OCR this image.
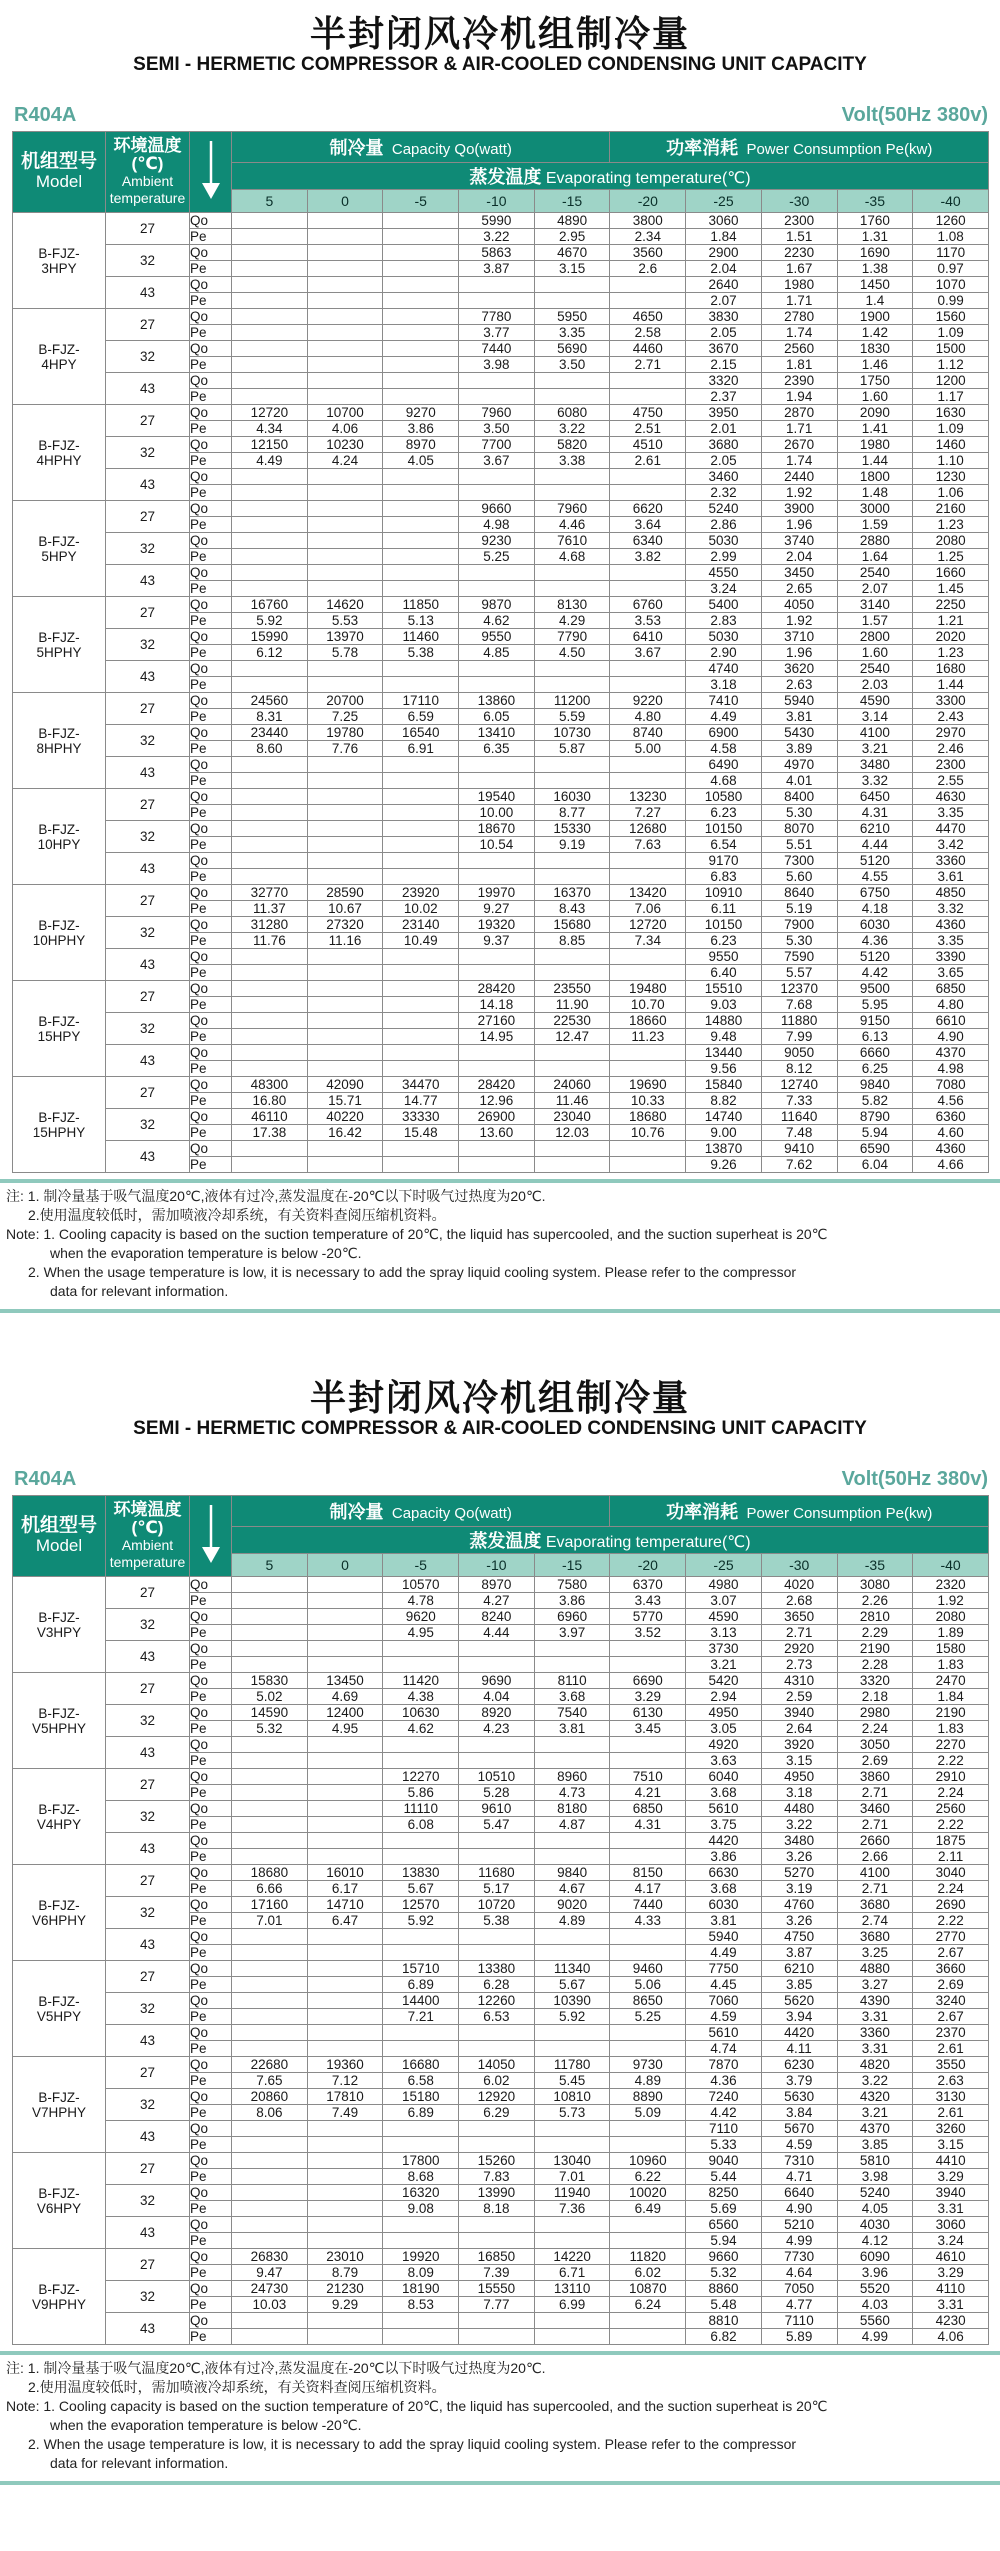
半封闭风冷机组制冷量
SEMI - HERMETIC COMPRESSOR & AIR-COOLED CONDENSING UNIT CAPACITY
R404A	Volt(50Hz 380v)
机组型号
Model	环境温度(℃)
Ambient temperature		制冷量 Capacity Qo(watt)					功率消耗 Power Consumption Pe(kw)				
			蒸发温度 Evaporating temperature(℃)									
			5	0	-5	-10	-15	-20	-25	-30	-35	-40
B-FJZ-
3HPY	27	Qo				5990	4890	3800	3060	2300	1760	1260
		Pe				3.22	2.95	2.34	1.84	1.51	1.31	1.08
	32	Qo				5863	4670	3560	2900	2230	1690	1170
		Pe				3.87	3.15	2.6	2.04	1.67	1.38	0.97
	43	Qo							2640	1980	1450	1070
		Pe							2.07	1.71	1.4	0.99
B-FJZ-
4HPY	27	Qo				7780	5950	4650	3830	2780	1900	1560
		Pe				3.77	3.35	2.58	2.05	1.74	1.42	1.09
	32	Qo				7440	5690	4460	3670	2560	1830	1500
		Pe				3.98	3.50	2.71	2.15	1.81	1.46	1.12
	43	Qo							3320	2390	1750	1200
		Pe							2.37	1.94	1.60	1.17
B-FJZ-
4HPHY	27	Qo	12720	10700	9270	7960	6080	4750	3950	2870	2090	1630
		Pe	4.34	4.06	3.86	3.50	3.22	2.51	2.01	1.71	1.41	1.09
	32	Qo	12150	10230	8970	7700	5820	4510	3680	2670	1980	1460
		Pe	4.49	4.24	4.05	3.67	3.38	2.61	2.05	1.74	1.44	1.10
	43	Qo							3460	2440	1800	1230
		Pe							2.32	1.92	1.48	1.06
B-FJZ-
5HPY	27	Qo				9660	7960	6620	5240	3900	3000	2160
		Pe				4.98	4.46	3.64	2.86	1.96	1.59	1.23
	32	Qo				9230	7610	6340	5030	3740	2880	2080
		Pe				5.25	4.68	3.82	2.99	2.04	1.64	1.25
	43	Qo							4550	3450	2540	1660
		Pe							3.24	2.65	2.07	1.45
B-FJZ-
5HPHY	27	Qo	16760	14620	11850	9870	8130	6760	5400	4050	3140	2250
		Pe	5.92	5.53	5.13	4.62	4.29	3.53	2.83	1.92	1.57	1.21
	32	Qo	15990	13970	11460	9550	7790	6410	5030	3710	2800	2020
		Pe	6.12	5.78	5.38	4.85	4.50	3.67	2.90	1.96	1.60	1.23
	43	Qo							4740	3620	2540	1680
		Pe							3.18	2.63	2.03	1.44
B-FJZ-
8HPHY	27	Qo	24560	20700	17110	13860	11200	9220	7410	5940	4590	3300
		Pe	8.31	7.25	6.59	6.05	5.59	4.80	4.49	3.81	3.14	2.43
	32	Qo	23440	19780	16540	13410	10730	8740	6900	5430	4100	2970
		Pe	8.60	7.76	6.91	6.35	5.87	5.00	4.58	3.89	3.21	2.46
	43	Qo							6490	4970	3480	2300
		Pe							4.68	4.01	3.32	2.55
B-FJZ-
10HPY	27	Qo				19540	16030	13230	10580	8400	6450	4630
		Pe				10.00	8.77	7.27	6.23	5.30	4.31	3.35
	32	Qo				18670	15330	12680	10150	8070	6210	4470
		Pe				10.54	9.19	7.63	6.54	5.51	4.44	3.42
	43	Qo							9170	7300	5120	3360
		Pe							6.83	5.60	4.55	3.61
B-FJZ-
10HPHY	27	Qo	32770	28590	23920	19970	16370	13420	10910	8640	6750	4850
		Pe	11.37	10.67	10.02	9.27	8.43	7.06	6.11	5.19	4.18	3.32
	32	Qo	31280	27320	23140	19320	15680	12720	10150	7900	6030	4360
		Pe	11.76	11.16	10.49	9.37	8.85	7.34	6.23	5.30	4.36	3.35
	43	Qo							9550	7590	5120	3390
		Pe							6.40	5.57	4.42	3.65
B-FJZ-
15HPY	27	Qo				28420	23550	19480	15510	12370	9500	6850
		Pe				14.18	11.90	10.70	9.03	7.68	5.95	4.80
	32	Qo				27160	22530	18660	14880	11880	9150	6610
		Pe				14.95	12.47	11.23	9.48	7.99	6.13	4.90
	43	Qo							13440	9050	6660	4370
		Pe							9.56	8.12	6.25	4.98
B-FJZ-
15HPHY	27	Qo	48300	42090	34470	28420	24060	19690	15840	12740	9840	7080
		Pe	16.80	15.71	14.77	12.96	11.46	10.33	8.82	7.33	5.82	4.56
	32	Qo	46110	40220	33330	26900	23040	18680	14740	11640	8790	6360
		Pe	17.38	16.42	15.48	13.60	12.03	10.76	9.00	7.48	5.94	4.60
	43	Qo							13870	9410	6590	4360
		Pe							9.26	7.62	6.04	4.66

注: 1. 制冷量基于吸气温度20℃,液体有过冷,蒸发温度在-20℃以下时吸气过热度为20℃.

2.使用温度较低时，需加喷液冷却系统，有关资料查阅压缩机资料。

Note: 1. Cooling capacity is based on the suction temperature of 20℃, the liquid has supercooled, and the suction superheat is 20℃

when the evaporation temperature is below -20℃.

2. When the usage temperature is low, it is necessary to add the spray liquid cooling system. Please refer to the compressor

data for relevant information.

半封闭风冷机组制冷量
SEMI - HERMETIC COMPRESSOR & AIR-COOLED CONDENSING UNIT CAPACITY
R404A	Volt(50Hz 380v)
机组型号
Model	环境温度(℃)
Ambient temperature		制冷量 Capacity Qo(watt)					功率消耗 Power Consumption Pe(kw)				
			蒸发温度 Evaporating temperature(℃)									
			5	0	-5	-10	-15	-20	-25	-30	-35	-40
B-FJZ-
V3HPY	27	Qo			10570	8970	7580	6370	4980	4020	3080	2320
		Pe			4.78	4.27	3.86	3.43	3.07	2.68	2.26	1.92
	32	Qo			9620	8240	6960	5770	4590	3650	2810	2080
		Pe			4.95	4.44	3.97	3.52	3.13	2.71	2.29	1.89
	43	Qo							3730	2920	2190	1580
		Pe							3.21	2.73	2.28	1.83
B-FJZ-
V5HPHY	27	Qo	15830	13450	11420	9690	8110	6690	5420	4310	3320	2470
		Pe	5.02	4.69	4.38	4.04	3.68	3.29	2.94	2.59	2.18	1.84
	32	Qo	14590	12400	10630	8920	7540	6130	4950	3940	2980	2190
		Pe	5.32	4.95	4.62	4.23	3.81	3.45	3.05	2.64	2.24	1.83
	43	Qo							4920	3920	3050	2270
		Pe							3.63	3.15	2.69	2.22
B-FJZ-
V4HPY	27	Qo			12270	10510	8960	7510	6040	4950	3860	2910
		Pe			5.86	5.28	4.73	4.21	3.68	3.18	2.71	2.24
	32	Qo			11110	9610	8180	6850	5610	4480	3460	2560
		Pe			6.08	5.47	4.87	4.31	3.75	3.22	2.71	2.22
	43	Qo							4420	3480	2660	1875
		Pe							3.86	3.26	2.66	2.11
B-FJZ-
V6HPHY	27	Qo	18680	16010	13830	11680	9840	8150	6630	5270	4100	3040
		Pe	6.66	6.17	5.67	5.17	4.67	4.17	3.68	3.19	2.71	2.24
	32	Qo	17160	14710	12570	10720	9020	7440	6030	4760	3680	2690
		Pe	7.01	6.47	5.92	5.38	4.89	4.33	3.81	3.26	2.74	2.22
	43	Qo							5940	4750	3680	2770
		Pe							4.49	3.87	3.25	2.67
B-FJZ-
V5HPY	27	Qo			15710	13380	11340	9460	7750	6210	4880	3660
		Pe			6.89	6.28	5.67	5.06	4.45	3.85	3.27	2.69
	32	Qo			14400	12260	10390	8650	7060	5620	4390	3240
		Pe			7.21	6.53	5.92	5.25	4.59	3.94	3.31	2.67
	43	Qo							5610	4420	3360	2370
		Pe							4.74	4.11	3.31	2.61
B-FJZ-
V7HPHY	27	Qo	22680	19360	16680	14050	11780	9730	7870	6230	4820	3550
		Pe	7.65	7.12	6.58	6.02	5.45	4.89	4.36	3.79	3.22	2.63
	32	Qo	20860	17810	15180	12920	10810	8890	7240	5630	4320	3130
		Pe	8.06	7.49	6.89	6.29	5.73	5.09	4.42	3.84	3.21	2.61
	43	Qo							7110	5670	4370	3260
		Pe							5.33	4.59	3.85	3.15
B-FJZ-
V6HPY	27	Qo			17800	15260	13040	10960	9040	7310	5810	4410
		Pe			8.68	7.83	7.01	6.22	5.44	4.71	3.98	3.29
	32	Qo			16320	13990	11940	10020	8250	6640	5240	3940
		Pe			9.08	8.18	7.36	6.49	5.69	4.90	4.05	3.31
	43	Qo							6560	5210	4030	3060
		Pe							5.94	4.99	4.12	3.24
B-FJZ-
V9HPHY	27	Qo	26830	23010	19920	16850	14220	11820	9660	7730	6090	4610
		Pe	9.47	8.79	8.09	7.39	6.71	6.02	5.32	4.64	3.96	3.29
	32	Qo	24730	21230	18190	15550	13110	10870	8860	7050	5520	4110
		Pe	10.03	9.29	8.53	7.77	6.99	6.24	5.48	4.77	4.03	3.31
	43	Qo							8810	7110	5560	4230
		Pe							6.82	5.89	4.99	4.06

注: 1. 制冷量基于吸气温度20℃,液体有过冷,蒸发温度在-20℃以下时吸气过热度为20℃.

2.使用温度较低时，需加喷液冷却系统，有关资料查阅压缩机资料。

Note: 1. Cooling capacity is based on the suction temperature of 20℃, the liquid has supercooled, and the suction superheat is 20℃

when the evaporation temperature is below -20℃.

2. When the usage temperature is low, it is necessary to add the spray liquid cooling system. Please refer to the compressor

data for relevant information.
